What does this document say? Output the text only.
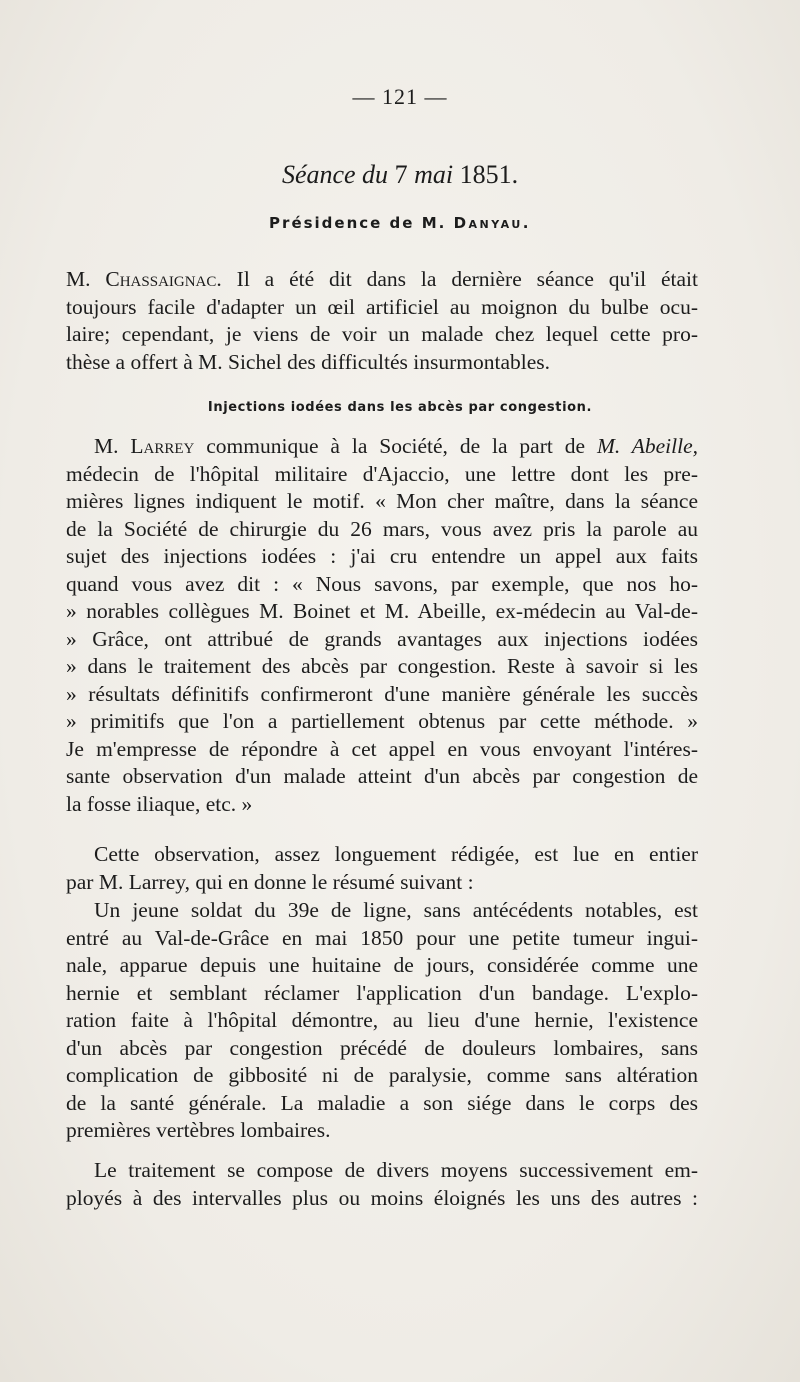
— 121 —
Séance du 7 mai 1851.
Présidence de M. Danyau.
M. Chassaignac. Il a été dit dans la dernière séance qu'il était
toujours facile d'adapter un œil artificiel au moignon du bulbe ocu-
laire; cependant, je viens de voir un malade chez lequel cette pro-
thèse a offert à M. Sichel des difficultés insurmontables.
Injections iodées dans les abcès par congestion.
M. Larrey communique à la Société, de la part de M. Abeille,
médecin de l'hôpital militaire d'Ajaccio, une lettre dont les pre-
mières lignes indiquent le motif. « Mon cher maître, dans la séance
de la Société de chirurgie du 26 mars, vous avez pris la parole au
sujet des injections iodées : j'ai cru entendre un appel aux faits
quand vous avez dit : « Nous savons, par exemple, que nos ho-
» norables collègues M. Boinet et M. Abeille, ex-médecin au Val-de-
» Grâce, ont attribué de grands avantages aux injections iodées
» dans le traitement des abcès par congestion. Reste à savoir si les
» résultats définitifs confirmeront d'une manière générale les succès
» primitifs que l'on a partiellement obtenus par cette méthode. »
Je m'empresse de répondre à cet appel en vous envoyant l'intéres-
sante observation d'un malade atteint d'un abcès par congestion de
la fosse iliaque, etc. »
Cette observation, assez longuement rédigée, est lue en entier
par M. Larrey, qui en donne le résumé suivant :
Un jeune soldat du 39e de ligne, sans antécédents notables, est
entré au Val-de-Grâce en mai 1850 pour une petite tumeur ingui-
nale, apparue depuis une huitaine de jours, considérée comme une
hernie et semblant réclamer l'application d'un bandage. L'explo-
ration faite à l'hôpital démontre, au lieu d'une hernie, l'existence
d'un abcès par congestion précédé de douleurs lombaires, sans
complication de gibbosité ni de paralysie, comme sans altération
de la santé générale. La maladie a son siége dans le corps des
premières vertèbres lombaires.
Le traitement se compose de divers moyens successivement em-
ployés à des intervalles plus ou moins éloignés les uns des autres :
